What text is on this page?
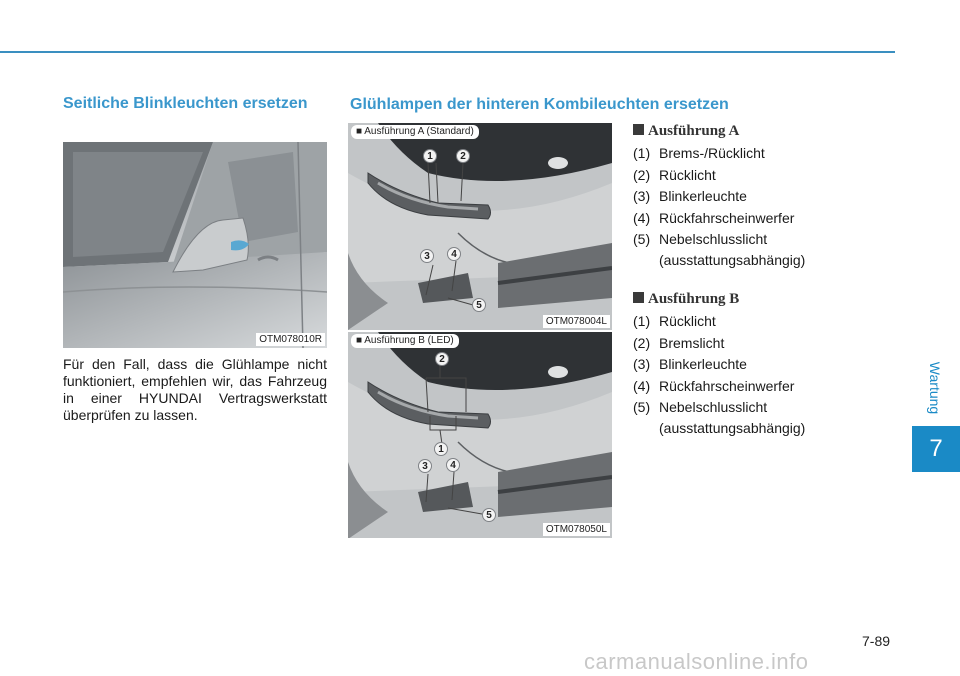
Wartung
7
Seitliche Blinkleuchten ersetzen	Glühlampen der hinteren Kombileuchten ersetzen
OTM078010R

Für den Fall, dass die Glühlampe nicht funktioniert, empfehlen wir, das Fahrzeug in einer HYUNDAI Vertragswerkstatt überprüfen zu lassen.

■ Ausführung A (Standard)
1	2
3	4
5
OTM078004L
■ Ausführung B (LED)
2
1
3	4
5
OTM078050L
Ausführung A
(1) Brems-/Rücklicht
(2) Rücklicht
(3) Blinkerleuchte
(4) Rückfahrscheinwerfer
(5) Nebelschlusslicht
(ausstattungsabhängig)
Ausführung B
(1) Rücklicht
(2) Bremslicht
(3) Blinkerleuchte
(4) Rückfahrscheinwerfer
(5) Nebelschlusslicht
(ausstattungsabhängig)
7-89
carmanualsonline.info
